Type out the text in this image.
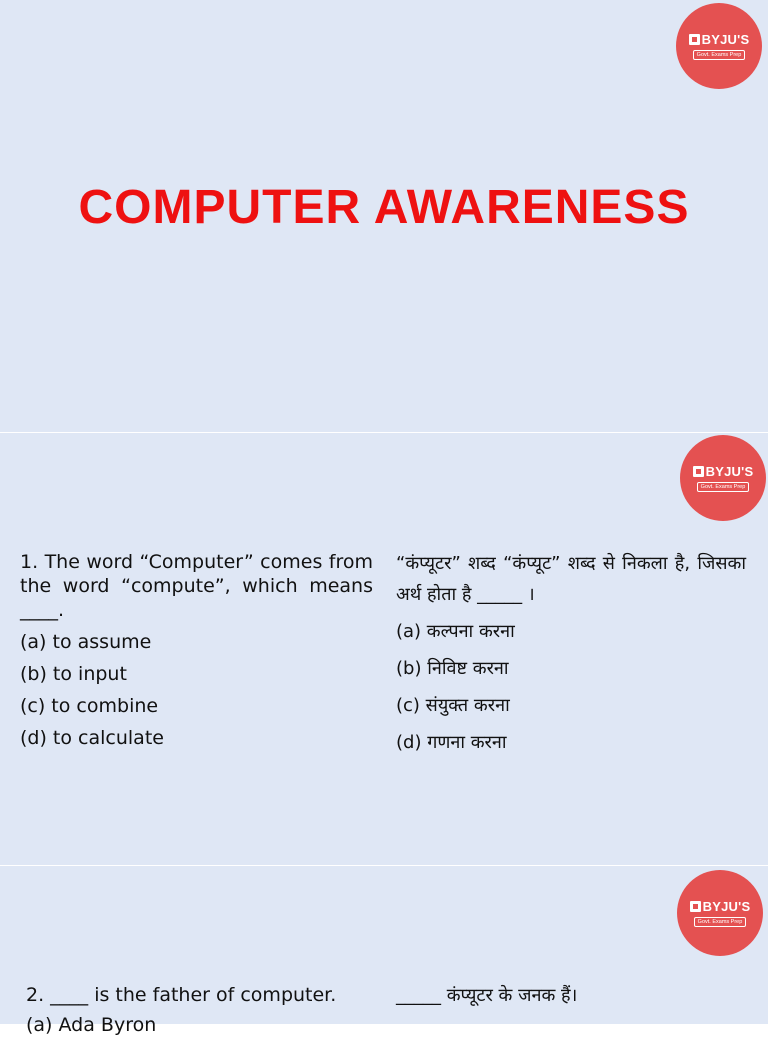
BYJU'S
Govt. Exams Prep
COMPUTER AWARENESS
BYJU'S
Govt. Exams Prep
1. The word “Computer” comes from the word “compute”, which means ____.
(a) to assume
(b) to input
(c) to combine
(d) to calculate
“कंप्यूटर” शब्द “कंप्यूट” शब्द से निकला है, जिसका अर्थ होता है _____ ।
(a) कल्पना करना
(b) निविष्ट करना
(c) संयुक्त करना
(d) गणना करना
BYJU'S
Govt. Exams Prep
2. ____ is the father of computer.
(a) Ada Byron
_____ कंप्यूटर के जनक हैं।
